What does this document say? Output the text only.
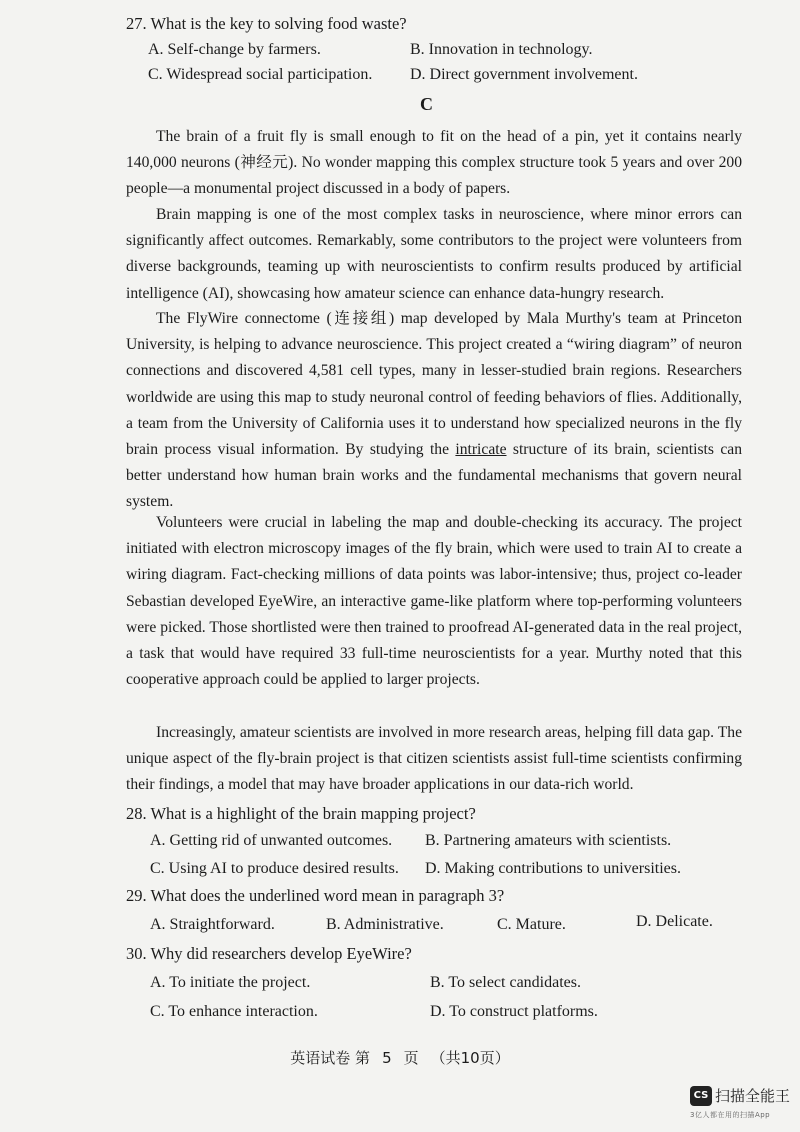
27. What is the key to solving food waste?
A. Self-change by farmers.	B. Innovation in technology.
C. Widespread social participation. D. Direct government involvement.
C
The brain of a fruit fly is small enough to fit on the head of a pin, yet it contains nearly 140,000 neurons (神经元). No wonder mapping this complex structure took 5 years and over 200 people—a monumental project discussed in a body of papers.
Brain mapping is one of the most complex tasks in neuroscience, where minor errors can significantly affect outcomes. Remarkably, some contributors to the project were volunteers from diverse backgrounds, teaming up with neuroscientists to confirm results produced by artificial intelligence (AI), showcasing how amateur science can enhance data-hungry research.
The FlyWire connectome (连接组) map developed by Mala Murthy's team at Princeton University, is helping to advance neuroscience. This project created a “wiring diagram” of neuron connections and discovered 4,581 cell types, many in lesser-studied brain regions. Researchers worldwide are using this map to study neuronal control of feeding behaviors of flies. Additionally, a team from the University of California uses it to understand how specialized neurons in the fly brain process visual information. By studying the intricate structure of its brain, scientists can better understand how human brain works and the fundamental mechanisms that govern neural system.
Volunteers were crucial in labeling the map and double-checking its accuracy. The project initiated with electron microscopy images of the fly brain, which were used to train AI to create a wiring diagram. Fact-checking millions of data points was labor-intensive; thus, project co-leader Sebastian developed EyeWire, an interactive game-like platform where top-performing volunteers were picked. Those shortlisted were then trained to proofread AI-generated data in the real project, a task that would have required 33 full-time neuroscientists for a year. Murthy noted that this cooperative approach could be applied to larger projects.
Increasingly, amateur scientists are involved in more research areas, helping fill data gap. The unique aspect of the fly-brain project is that citizen scientists assist full-time scientists confirming their findings, a model that may have broader applications in our data-rich world.
28. What is a highlight of the brain mapping project?
A. Getting rid of unwanted outcomes. B. Partnering amateurs with scientists.
C. Using AI to produce desired results. D. Making contributions to universities.
29. What does the underlined word mean in paragraph 3?
A. Straightforward.	B. Administrative.	C. Mature.	D. Delicate.
30. Why did researchers develop EyeWire?
A. To initiate the project.	B. To select candidates.
C. To enhance interaction.	D. To construct platforms.
英语试卷 第 5 页 （共10页）
CS 扫描全能王
3亿人都在用的扫描App
